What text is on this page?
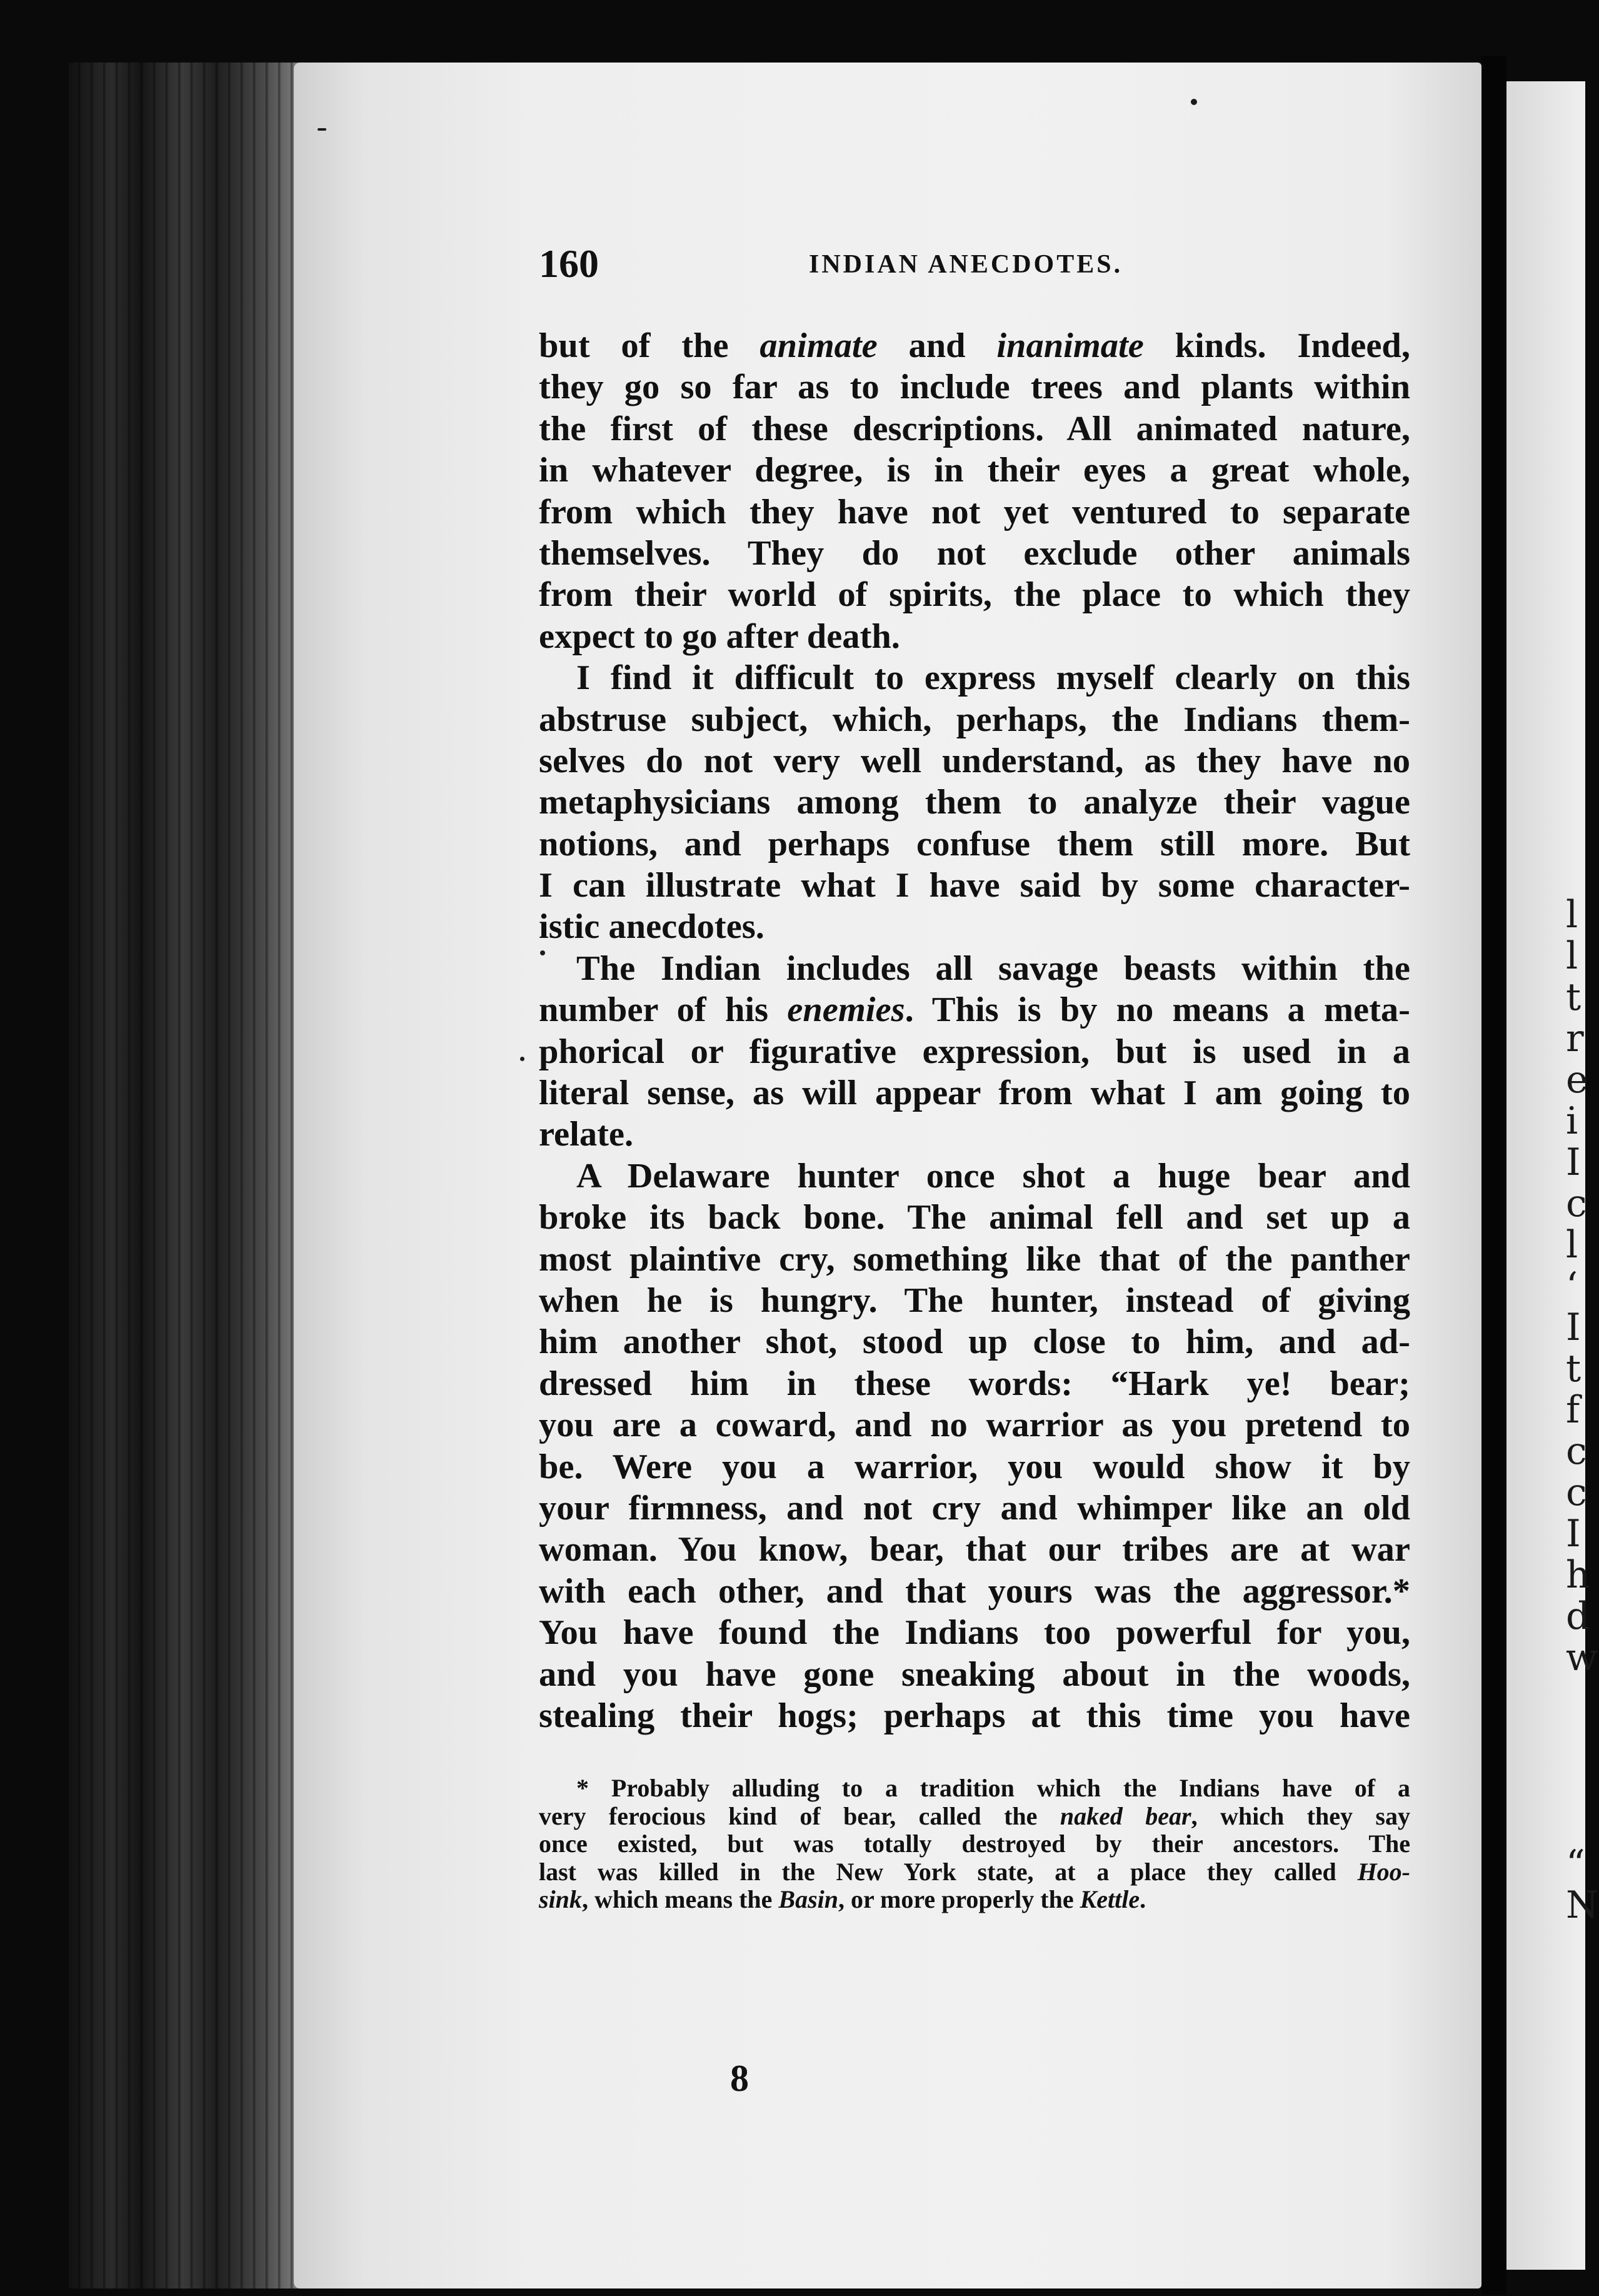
l
l
t
r
e
i
I
c
l
‘
I
t
f
c
c
I
h
d
w

“
N
160	INDIAN ANECDOTES.
but of the animate and inanimate kinds. Indeed,
they go so far as to include trees and plants within
the first of these descriptions. All animated nature,
in whatever degree, is in their eyes a great whole,
from which they have not yet ventured to separate
themselves. They do not exclude other animals
from their world of spirits, the place to which they
expect to go after death.
I find it difficult to express myself clearly on this
abstruse subject, which, perhaps, the Indians them-
selves do not very well understand, as they have no
metaphysicians among them to analyze their vague
notions, and perhaps confuse them still more. But
I can illustrate what I have said by some character-
istic anecdotes.
The Indian includes all savage beasts within the
number of his enemies. This is by no means a meta-
phorical or figurative expression, but is used in a
literal sense, as will appear from what I am going to
relate.
A Delaware hunter once shot a huge bear and
broke its back bone. The animal fell and set up a
most plaintive cry, something like that of the panther
when he is hungry. The hunter, instead of giving
him another shot, stood up close to him, and ad-
dressed him in these words: “Hark ye! bear;
you are a coward, and no warrior as you pretend to
be. Were you a warrior, you would show it by
your firmness, and not cry and whimper like an old
woman. You know, bear, that our tribes are at war
with each other, and that yours was the aggressor.*
You have found the Indians too powerful for you,
and you have gone sneaking about in the woods,
stealing their hogs; perhaps at this time you have
* Probably alluding to a tradition which the Indians have of a
very ferocious kind of bear, called the naked bear, which they say
once existed, but was totally destroyed by their ancestors. The
last was killed in the New York state, at a place they called Hoo-
sink, which means the Basin, or more properly the Kettle.
8
